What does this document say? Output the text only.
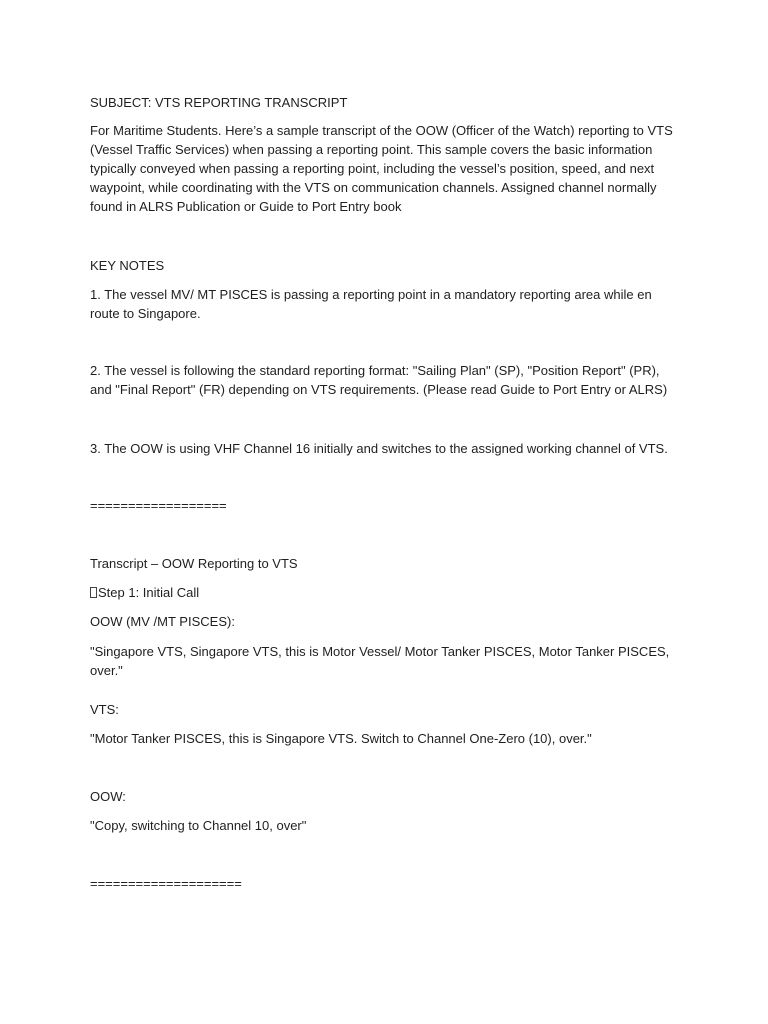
SUBJECT: VTS REPORTING TRANSCRIPT

For Maritime Students. Here’s a sample transcript of the OOW (Officer of the Watch) reporting to VTS (Vessel Traffic Services) when passing a reporting point. This sample covers the basic information typically conveyed when passing a reporting point, including the vessel’s position, speed, and next waypoint, while coordinating with the VTS on communication channels. Assigned channel normally found in ALRS Publication or Guide to Port Entry book

KEY NOTES

1. The vessel MV/ MT PISCES is passing a reporting point in a mandatory reporting area while en route to Singapore.

2. The vessel is following the standard reporting format: "Sailing Plan" (SP), "Position Report" (PR), and "Final Report" (FR) depending on VTS requirements. (Please read Guide to Port Entry or ALRS)

3. The OOW is using VHF Channel 16 initially and switches to the assigned working channel of VTS.

==================

Transcript – OOW Reporting to VTS

Step 1: Initial Call

OOW (MV /MT PISCES):

"Singapore VTS, Singapore VTS, this is Motor Vessel/ Motor Tanker PISCES, Motor Tanker PISCES, over."

VTS:

"Motor Tanker PISCES, this is Singapore VTS. Switch to Channel One-Zero (10), over."

OOW:

"Copy, switching to Channel 10, over"

====================
